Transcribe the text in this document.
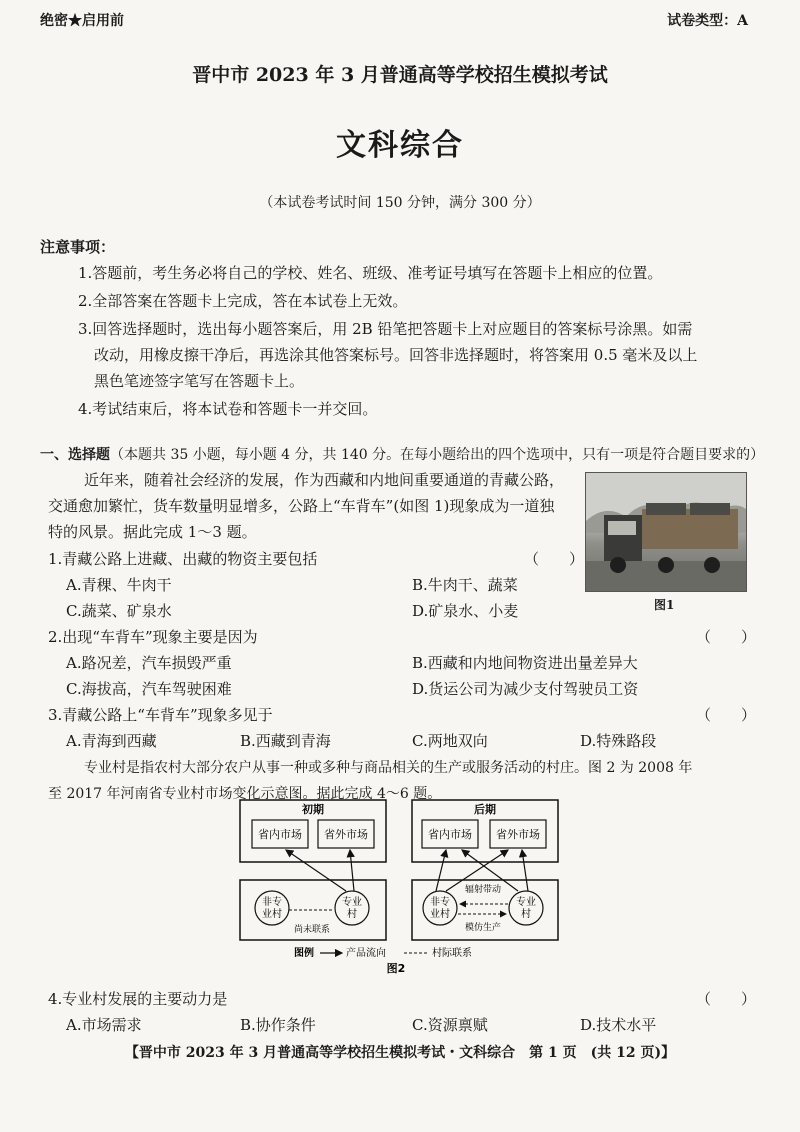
绝密★启用前	试卷类型：A
晋中市 2023 年 3 月普通高等学校招生模拟考试
文科综合
（本试卷考试时间 150 分钟，满分 300 分）
注意事项：
1.答题前，考生务必将自己的学校、姓名、班级、准考证号填写在答题卡上相应的位置。
2.全部答案在答题卡上完成，答在本试卷上无效。
3.回答选择题时，选出每小题答案后，用 2B 铅笔把答题卡上对应题目的答案标号涂黑。如需
改动，用橡皮擦干净后，再选涂其他答案标号。回答非选择题时，将答案用 0.5 毫米及以上
黑色笔迹签字笔写在答题卡上。
4.考试结束后，将本试卷和答题卡一并交回。
一、选择题（本题共 35 小题，每小题 4 分，共 140 分。在每小题给出的四个选项中，只有一项是符合题目要求的）
近年来，随着社会经济的发展，作为西藏和内地间重要通道的青藏公路，
交通愈加繁忙，货车数量明显增多，公路上“车背车”(如图 1)现象成为一道独
特的风景。据此完成 1～3 题。
图1
1.青藏公路上进藏、出藏的物资主要包括	（　　）
A.青稞、牛肉干	B.牛肉干、蔬菜
C.蔬菜、矿泉水	D.矿泉水、小麦
2.出现“车背车”现象主要是因为	（　　）
A.路况差，汽车损毁严重	B.西藏和内地间物资进出量差异大
C.海拔高，汽车驾驶困难	D.货运公司为减少支付驾驶员工资
3.青藏公路上“车背车”现象多见于	（　　）
A.青海到西藏	B.西藏到青海	C.两地双向	D.特殊路段
专业村是指农村大部分农户从事一种或多种与商品相关的生产或服务活动的村庄。图 2 为 2008 年
至 2017 年河南省专业村市场变化示意图。据此完成 4～6 题。
初期
省内市场 省外市场
非专
业村
专业
村
尚未联系
后期
省内市场 省外市场
非专
业村
专业
村
辐射带动
模仿生产
图例	产品流向	村际联系
图2
4.专业村发展的主要动力是	（　　）
A.市场需求	B.协作条件	C.资源禀赋	D.技术水平
【晋中市 2023 年 3 月普通高等学校招生模拟考试・文科综合　第 1 页　(共 12 页)】
